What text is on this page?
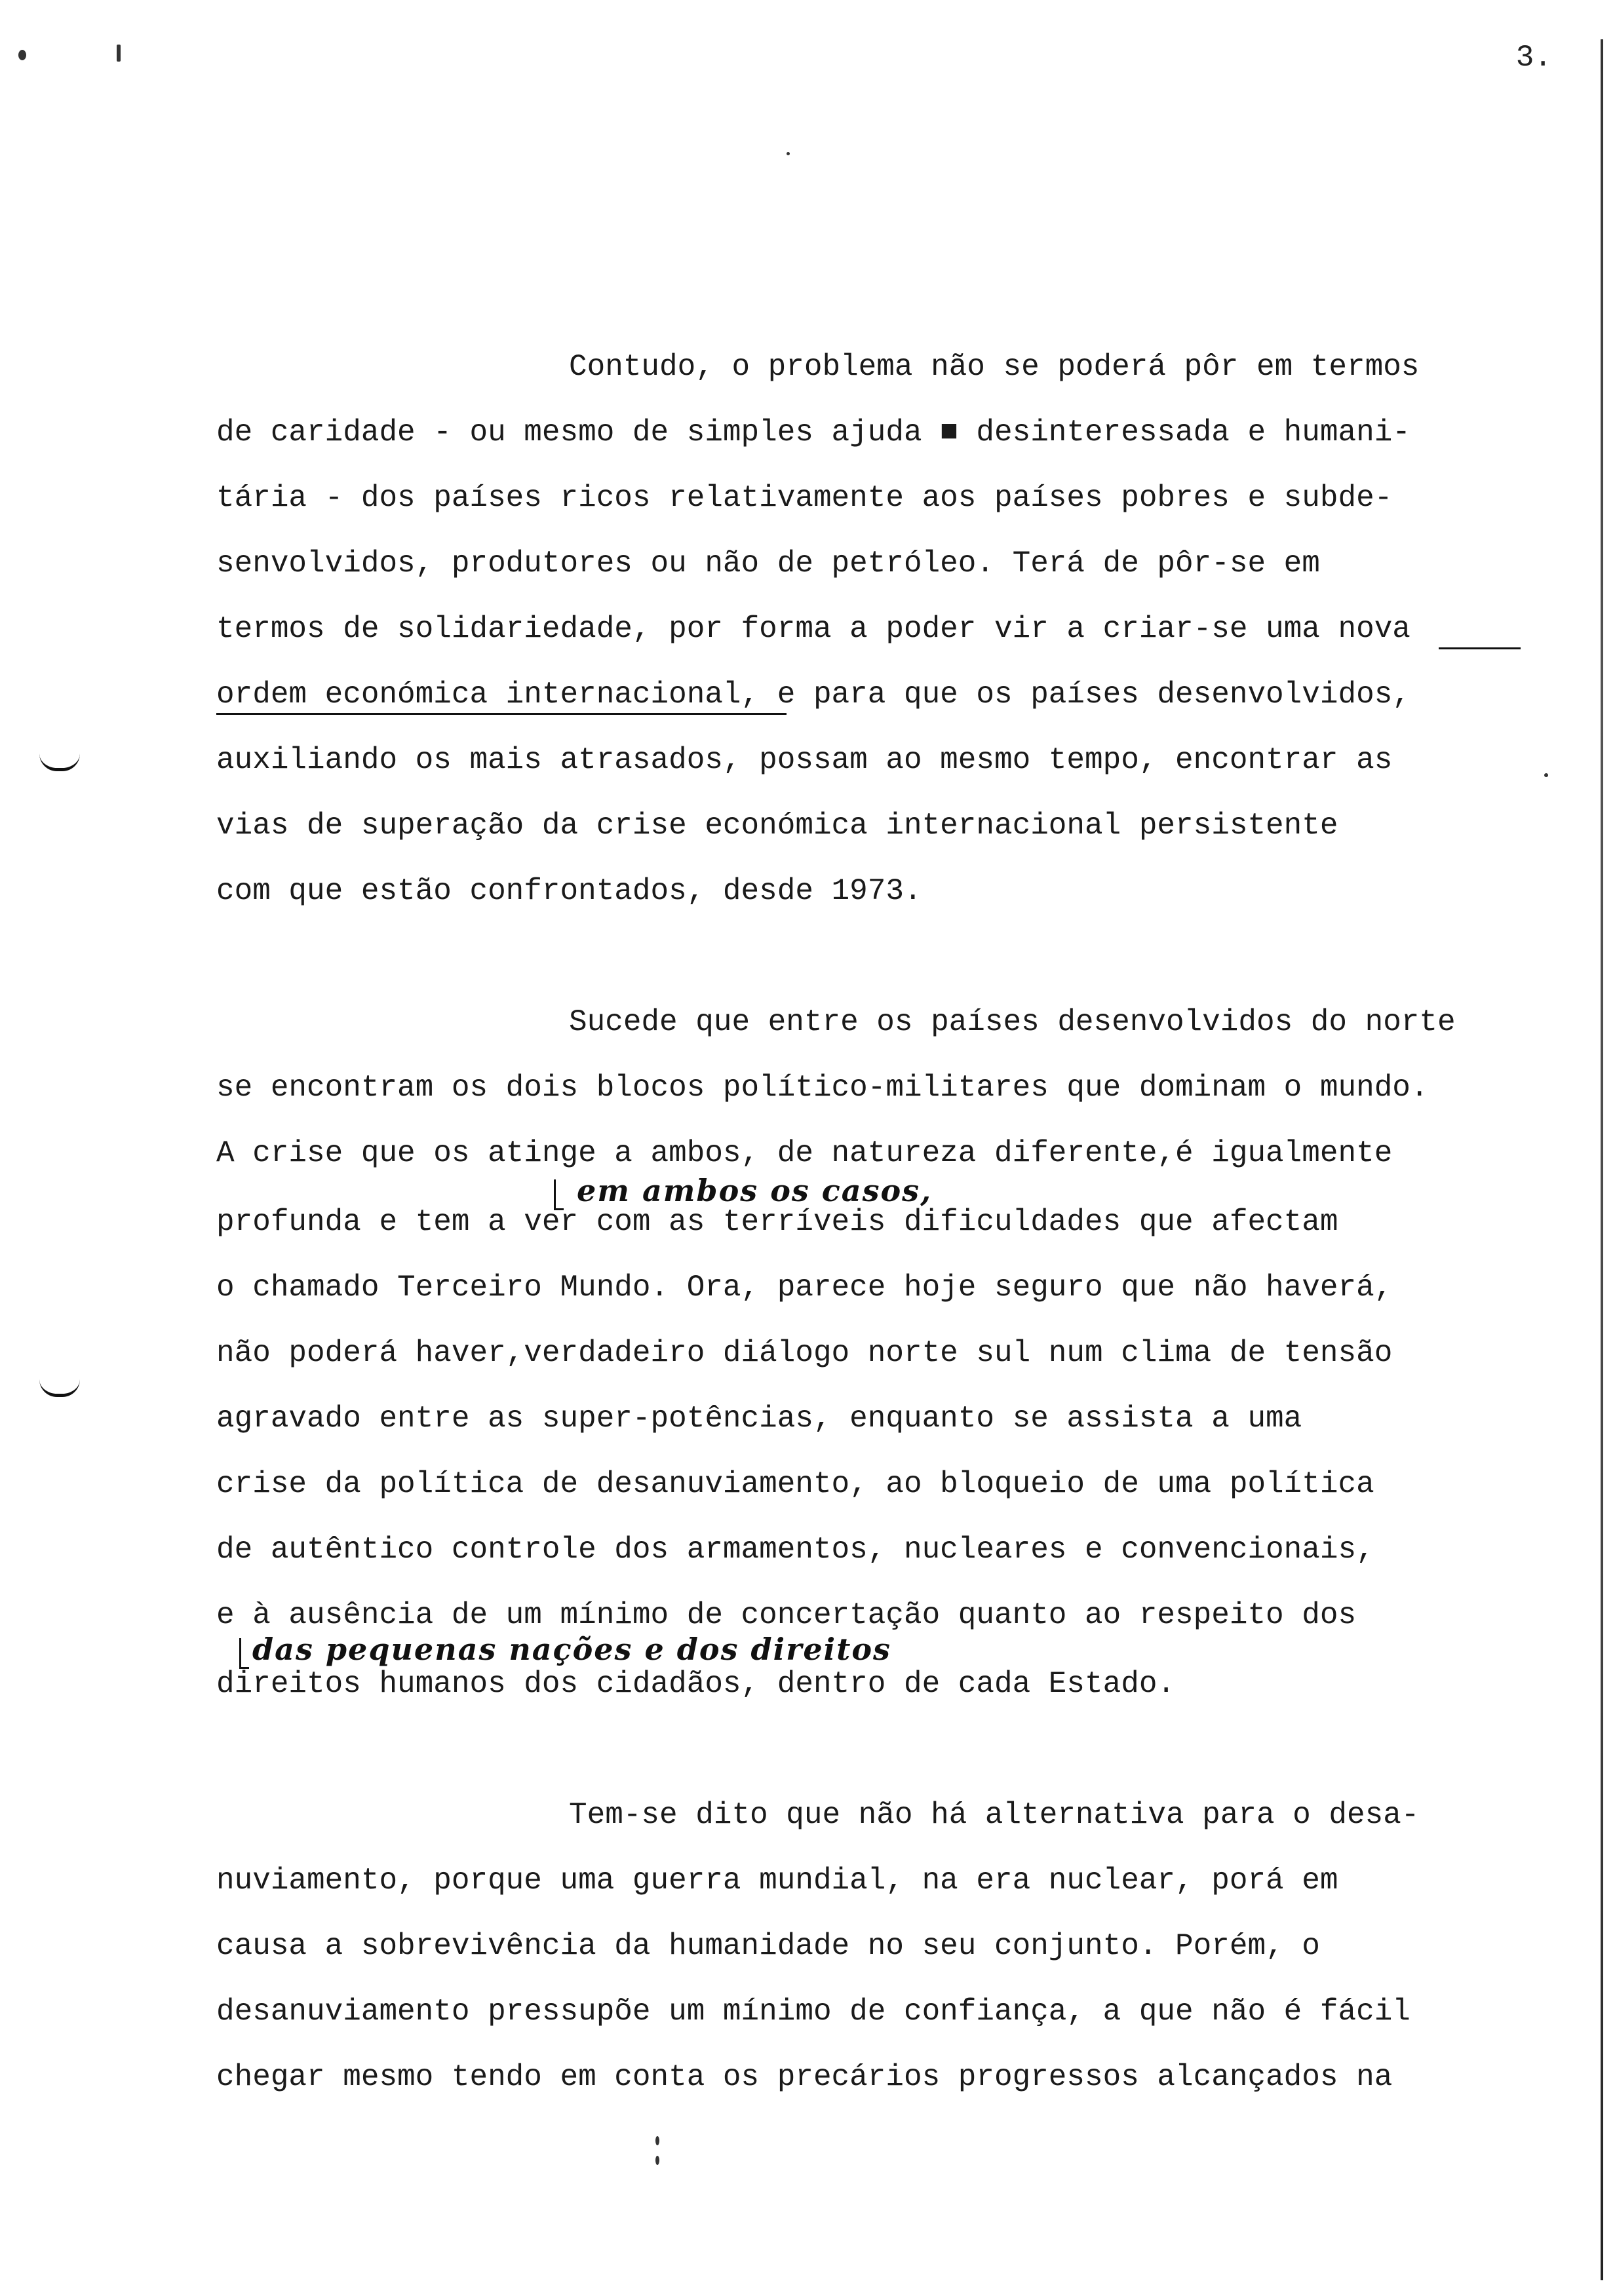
3.
Contudo, o problema não se poderá pôr em termos
de caridade - ou mesmo de simples ajuda ■ desinteressada e humani-
tária - dos países ricos relativamente aos países pobres e subde-
senvolvidos, produtores ou não de petróleo. Terá de pôr-se em
termos de solidariedade, por forma a poder vir a criar-se uma nova
ordem económica internacional, e para que os países desenvolvidos,
auxiliando os mais atrasados, possam ao mesmo tempo, encontrar as
vias de superação da crise económica internacional persistente
com que estão confrontados, desde 1973.
Sucede que entre os países desenvolvidos do norte
se encontram os dois blocos político-militares que dominam o mundo.
A crise que os atinge a ambos, de natureza diferente,é igualmente
em ambos os casos,
profunda e tem a ver com as terríveis dificuldades que afectam
o chamado Terceiro Mundo. Ora, parece hoje seguro que não haverá,
não poderá haver,verdadeiro diálogo norte sul num clima de tensão
agravado entre as super-potências, enquanto se assista a uma
crise da política de desanuviamento, ao bloqueio de uma política
de autêntico controle dos armamentos, nucleares e convencionais,
e à ausência de um mínimo de concertação quanto ao respeito dos
das pequenas nações e dos direitos
direitos humanos dos cidadãos, dentro de cada Estado.
Tem-se dito que não há alternativa para o desa-
nuviamento, porque uma guerra mundial, na era nuclear, porá em
causa a sobrevivência da humanidade no seu conjunto. Porém, o
desanuviamento pressupõe um mínimo de confiança, a que não é fácil
chegar mesmo tendo em conta os precários progressos alcançados na
